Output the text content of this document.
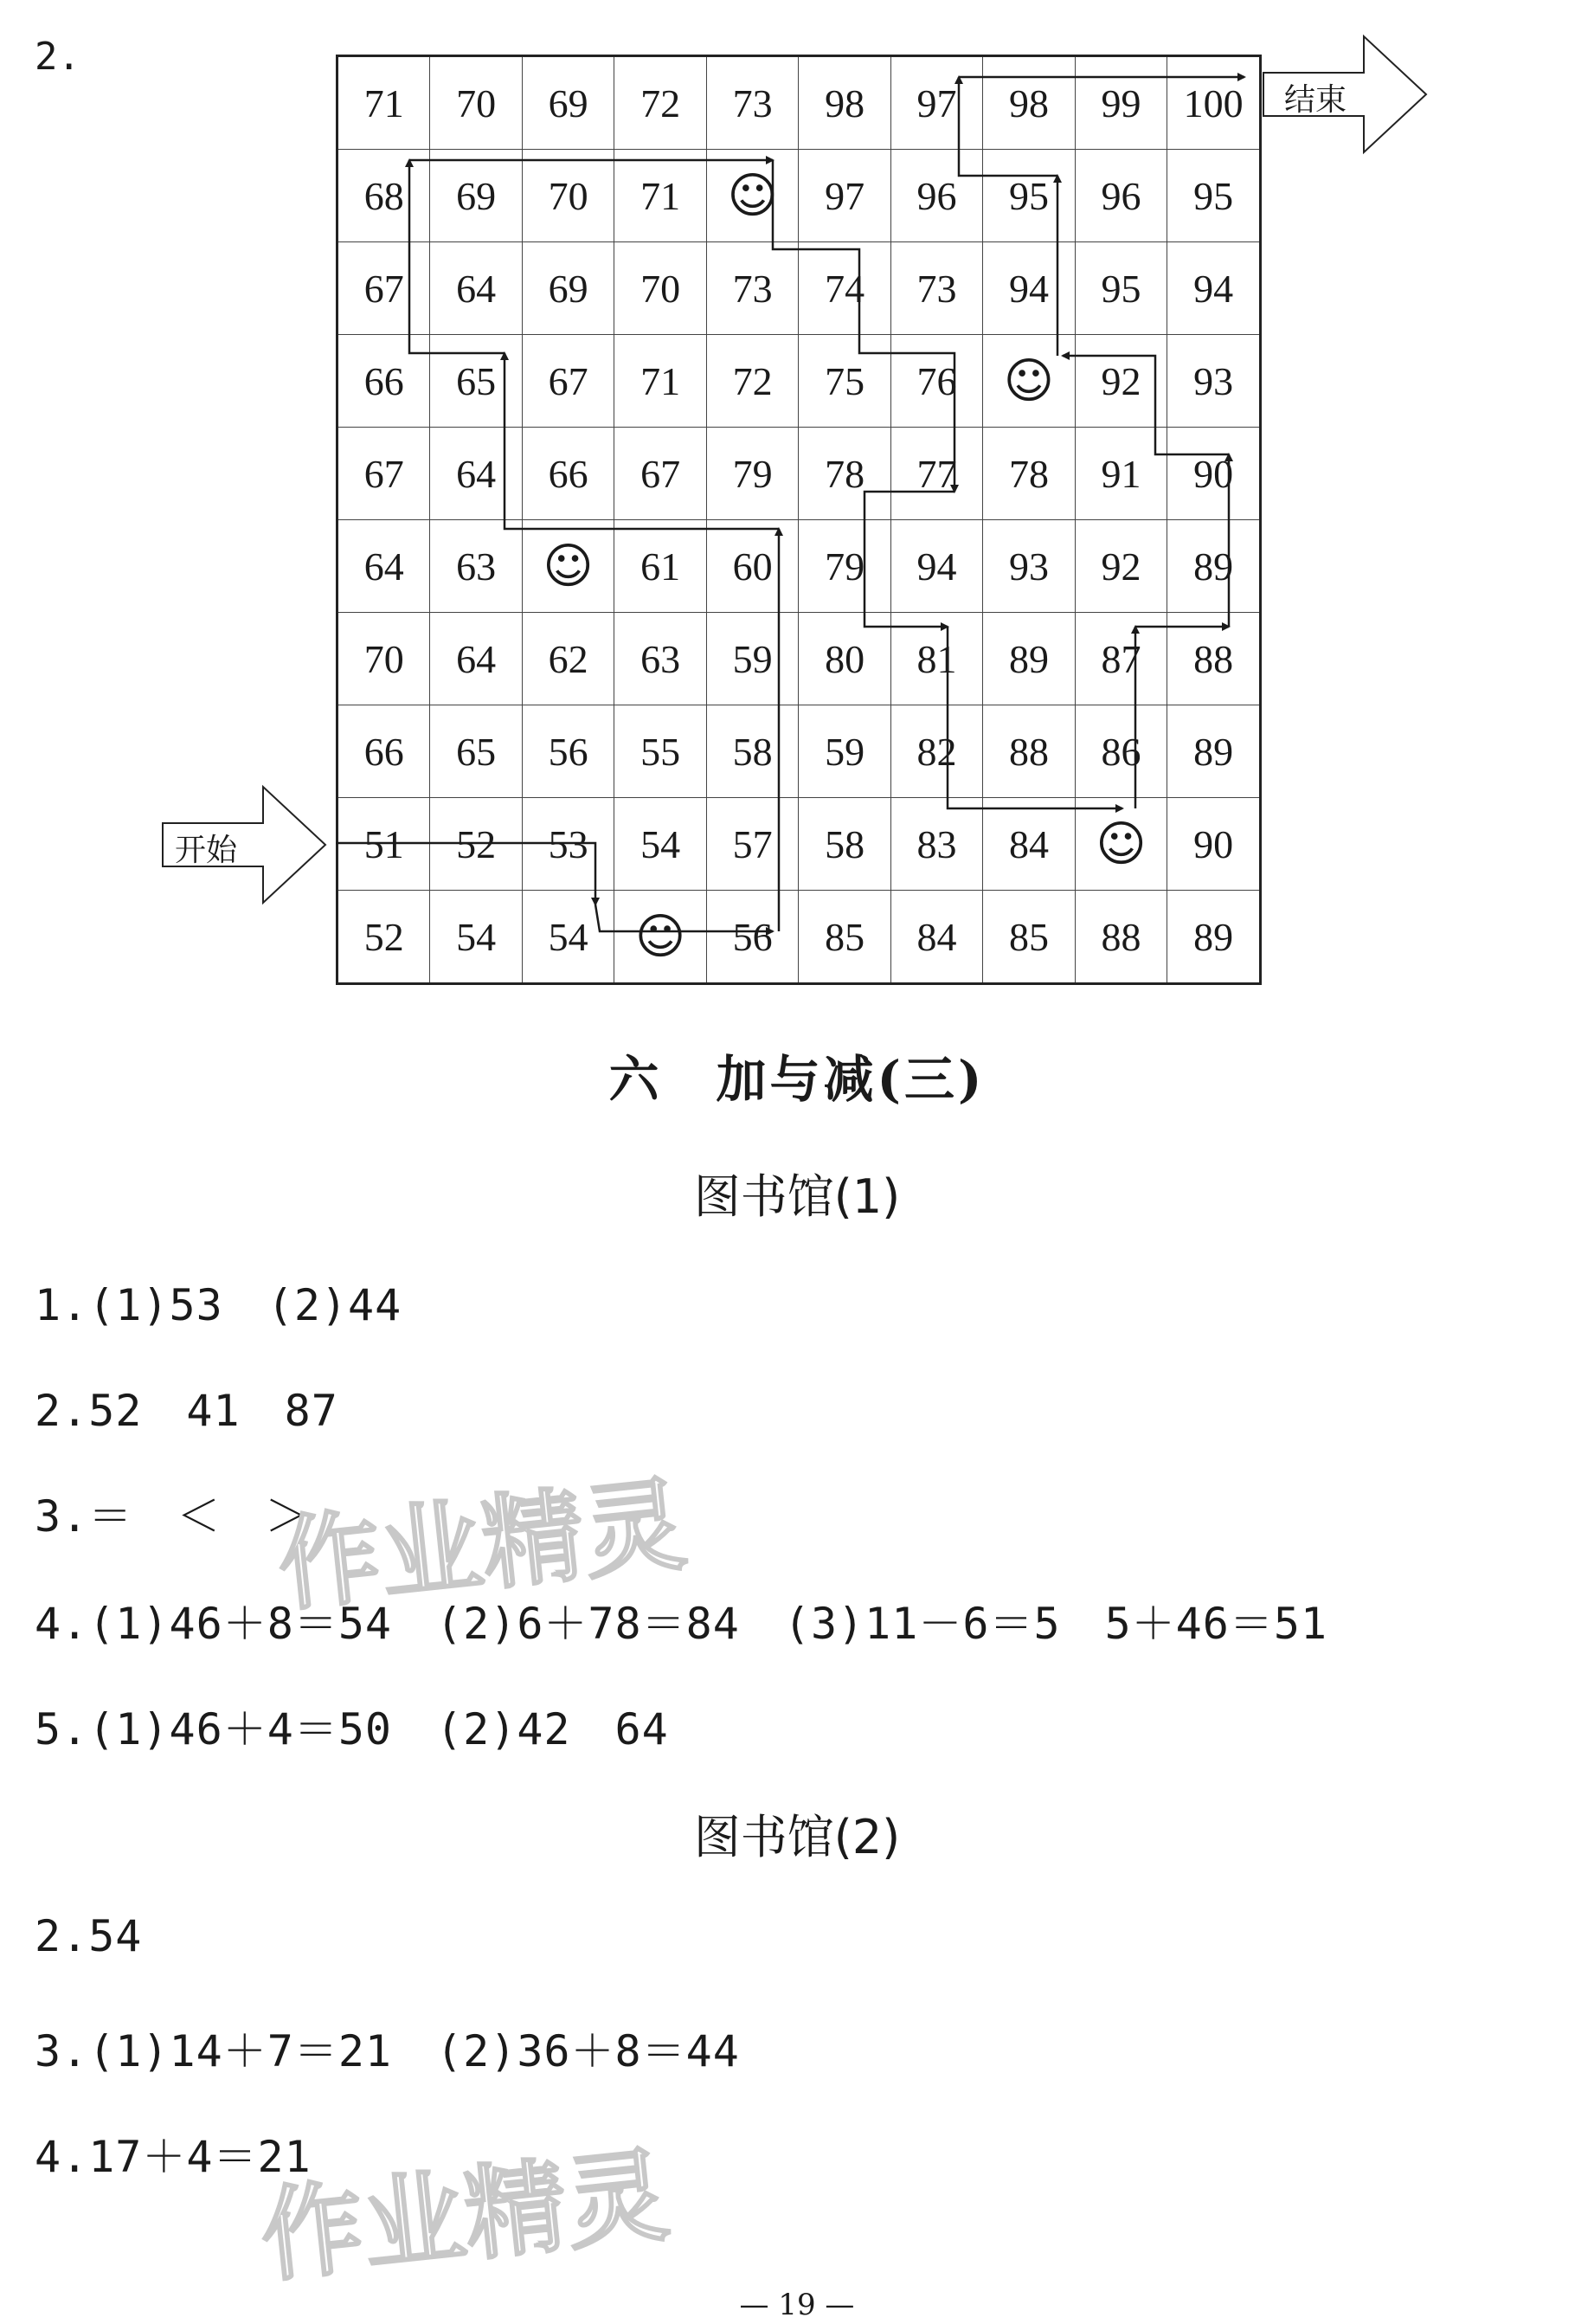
2.
71	70	69	72	73	98	97	98	99	100
68	69	70	71	☺	97	96	95	96	95
67	64	69	70	73	74	73	94	95	94
66	65	67	71	72	75	76	☺	92	93
67	64	66	67	79	78	77	78	91	90
64	63	☺	61	60	79	94	93	92	89
70	64	62	63	59	80	81	89	87	88
66	65	56	55	58	59	82	88	86	89
51	52	53	54	57	58	83	84	☺	90
52	54	54	☺	56	85	84	85	88	89
开始
结束
六　加与减(三)
图书馆(1)
1.(1)53　(2)44
2.52　41　87
3.＝　＜　＞
4.(1)46＋8＝54　(2)6＋78＝84　(3)11－6＝5　5＋46＝51
5.(1)46＋4＝50　(2)42　64
图书馆(2)
2.54
3.(1)14＋7＝21　(2)36＋8＝44
4.17＋4＝21
作业精灵
作业精灵
— 19 —
